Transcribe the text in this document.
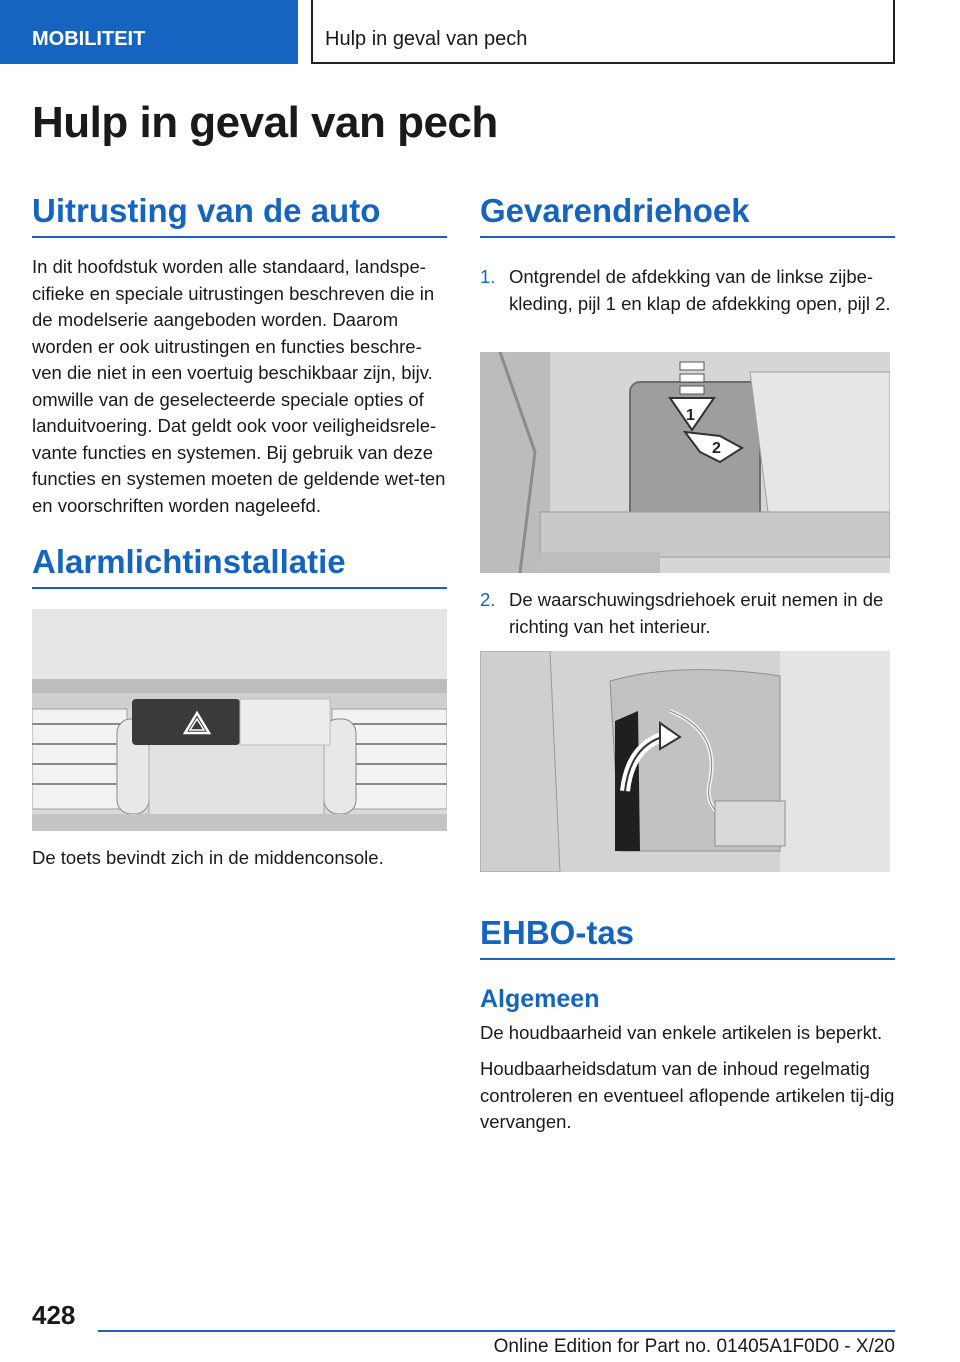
MOBILITEIT	Hulp in geval van pech
Hulp in geval van pech
Uitrusting van de auto

In dit hoofdstuk worden alle standaard, landspe-cifieke en speciale uitrustingen beschreven die in de modelserie aangeboden worden. Daarom worden er ook uitrustingen en functies beschre-ven die niet in een voertuig beschikbaar zijn, bijv. omwille van de geselecteerde speciale opties of landuitvoering. Dat geldt ook voor veiligheidsrele-vante functies en systemen. Bij gebruik van deze functies en systemen moeten de geldende wet-ten en voorschriften worden nageleefd.

Alarmlichtinstallatie

De toets bevindt zich in de middenconsole.

Gevarendriehoek
1. Ontgrendel de afdekking van de linkse zijbe-kleding, pijl 1 en klap de afdekking open, pijl 2.
1
2
2. De waarschuwingsdriehoek eruit nemen in de richting van het interieur.
EHBO-tas
Algemeen

De houdbaarheid van enkele artikelen is beperkt.

Houdbaarheidsdatum van de inhoud regelmatig controleren en eventueel aflopende artikelen tij-dig vervangen.

428
Online Edition for Part no. 01405A1F0D0 - X/20
